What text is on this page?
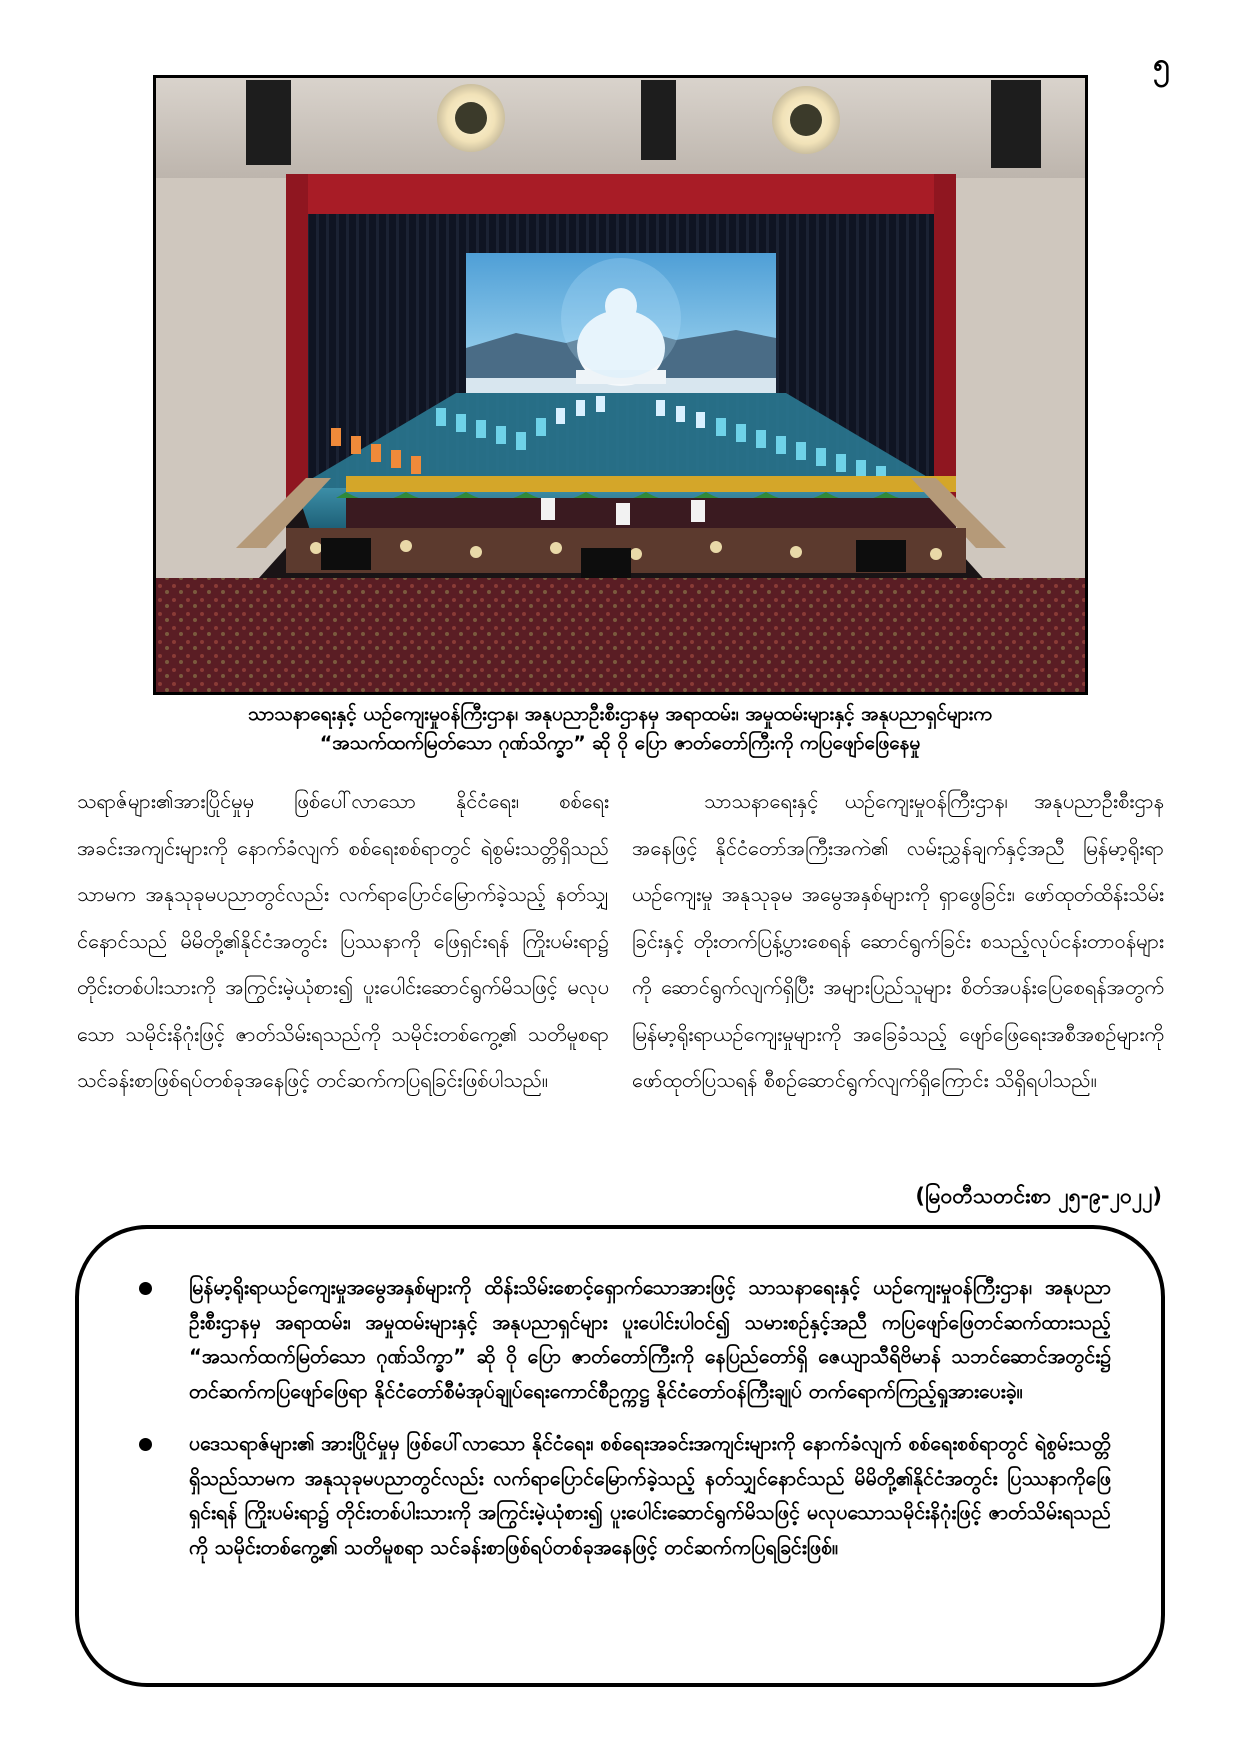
၅
သာသနာရေးနှင့် ယဉ်ကျေးမှုဝန်ကြီးဌာန၊ အနုပညာဦးစီးဌာနမှ အရာထမ်း၊ အမှုထမ်းများနှင့် အနုပညာရှင်များက
“အသက်ထက်မြတ်သော ဂုဏ်သိက္ခာ” ဆို ဝို ပြော ဇာတ်တော်ကြီးကို ကပြဖျော်ဖြေနေမှု

သရာဇ်များ၏အားပြိုင်မှုမှ ဖြစ်ပေါ်လာသော နိုင်ငံရေး၊ စစ်ရေးအခင်းအကျင်းများကို နောက်ခံလျက် စစ်ရေးစစ်ရာတွင် ရဲစွမ်းသတ္တိရှိသည်သာမက အနုသုခုမပညာတွင်လည်း လက်ရာပြောင်မြောက်ခဲ့သည့် နတ်သျှင်နောင်သည် မိမိတို့၏နိုင်ငံအတွင်း ပြဿနာကို ဖြေရှင်းရန် ကြိုးပမ်းရာ၌ တိုင်းတစ်ပါးသားကို အကြွင်းမဲ့ယုံစား၍ ပူးပေါင်းဆောင်ရွက်မိသဖြင့် မလုပသော သမိုင်းနိဂုံးဖြင့် ဇာတ်သိမ်းရသည်ကို သမိုင်းတစ်ကွေ့၏ သတိမူစရာ သင်ခန်းစာဖြစ်ရပ်တစ်ခုအနေဖြင့် တင်ဆက်ကပြရခြင်းဖြစ်ပါသည်။

သာသနာရေးနှင့် ယဉ်ကျေးမှုဝန်ကြီးဌာန၊ အနုပညာဦးစီးဌာနအနေဖြင့် နိုင်ငံတော်အကြီးအကဲ၏ လမ်းညွှန်ချက်နှင့်အညီ မြန်မာ့ရိုးရာယဉ်ကျေးမှု အနုသုခုမ အမွေအနှစ်များကို ရှာဖွေခြင်း၊ ဖော်ထုတ်ထိန်းသိမ်းခြင်းနှင့် တိုးတက်ပြန့်ပွားစေရန် ဆောင်ရွက်ခြင်း စသည့်လုပ်ငန်းတာဝန်များကို ဆောင်ရွက်လျက်ရှိပြီး အများပြည်သူများ စိတ်အပန်းပြေစေရန်အတွက် မြန်မာ့ရိုးရာယဉ်ကျေးမှုများကို အခြေခံသည့် ဖျော်ဖြေရေးအစီအစဉ်များကို ဖော်ထုတ်ပြသရန် စီစဉ်ဆောင်ရွက်လျက်ရှိကြောင်း သိရှိရပါသည်။

(မြဝတီသတင်းစာ ၂၅-၉-၂၀၂၂)
မြန်မာ့ရိုးရာယဉ်ကျေးမှုအမွေအနှစ်များကို ထိန်းသိမ်းစောင့်ရှောက်သောအားဖြင့် သာသနာရေးနှင့် ယဉ်ကျေးမှုဝန်ကြီးဌာန၊ အနုပညာဦးစီးဌာနမှ အရာထမ်း၊ အမှုထမ်းများနှင့် အနုပညာရှင်များ ပူးပေါင်းပါဝင်၍ သမားစဉ်နှင့်အညီ ကပြဖျော်ဖြေတင်ဆက်ထားသည့် “အသက်ထက်မြတ်သော ဂုဏ်သိက္ခာ” ဆို ဝို ပြော ဇာတ်တော်ကြီးကို နေပြည်တော်ရှိ ဇေယျာသီရိဗိမာန် သဘင်ဆောင်အတွင်း၌ တင်ဆက်ကပြဖျော်ဖြေရာ နိုင်ငံတော်စီမံအုပ်ချုပ်ရေးကောင်စီဥက္ကဋ္ဌ နိုင်ငံတော်ဝန်ကြီးချုပ် တက်ရောက်ကြည့်ရှုအားပေးခဲ့။
ပဒေသရာဇ်များ၏ အားပြိုင်မှုမှ ဖြစ်ပေါ်လာသော နိုင်ငံရေး၊ စစ်ရေးအခင်းအကျင်းများကို နောက်ခံလျက် စစ်ရေးစစ်ရာတွင် ရဲစွမ်းသတ္တိရှိသည်သာမက အနုသုခုမပညာတွင်လည်း လက်ရာပြောင်မြောက်ခဲ့သည့် နတ်သျှင်နောင်သည် မိမိတို့၏နိုင်ငံအတွင်း ပြဿနာကိုဖြေရှင်းရန် ကြိုးပမ်းရာ၌ တိုင်းတစ်ပါးသားကို အကြွင်းမဲ့ယုံစား၍ ပူးပေါင်းဆောင်ရွက်မိသဖြင့် မလုပသောသမိုင်းနိဂုံးဖြင့် ဇာတ်သိမ်းရသည်ကို သမိုင်းတစ်ကွေ့၏ သတိမူစရာ သင်ခန်းစာဖြစ်ရပ်တစ်ခုအနေဖြင့် တင်ဆက်ကပြရခြင်းဖြစ်။
